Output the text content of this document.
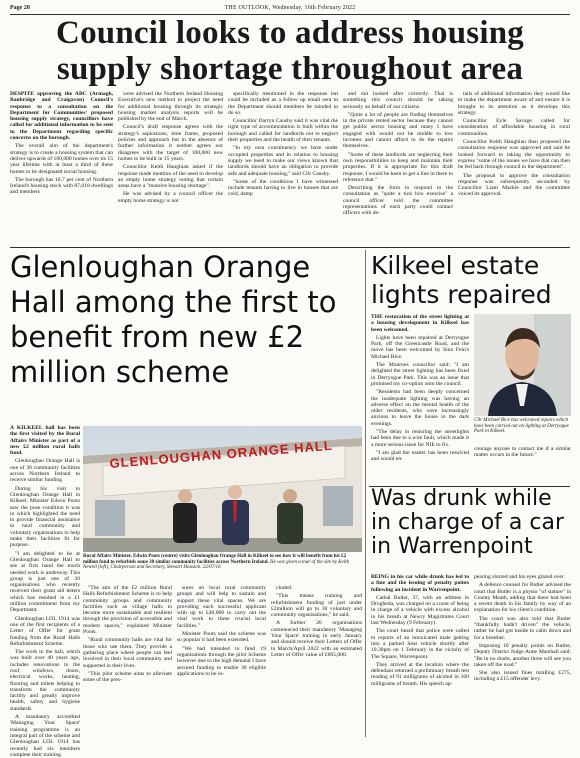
Page 28	THE OUTLOOK, Wednesday, 16th February 2022
Council looks to address housing supply shortage throughout area

DESPITE approving the ABC (Armagh, Banbridge and Craigavon) Council's response to a consultation on the Department for Communities' proposed housing supply strategy, councillors have called for additional information to be sent to the Department regarding specific concerns on the borough.

The overall aim of the department's strategy is to create a housing system that can deliver upwards of 100,000 homes over its 15 year lifetime with at least a third of these homes to be designated social housing.

The borough has 10.7 per cent of Northern Ireland's housing stock with 87,618 dwellings and members

were advised the Northern Ireland Housing Executive's new method to project the need for additional housing through its strategic housing market analysis reports will be published by the end of March.

Council's draft response agrees with the strategy's aspirations, time frame, proposed policies and approach but in the absence of further information it neither agrees nor disagrees with the target of 100,000 new homes to be built in 15 years.

Councillor Keith Haughian asked if the response made mention of the need to develop an empty home strategy noting that certain areas have a "massive housing shortage".

He was advised by a council officer the empty home strategy is not

specifically mentioned in the response but could be included as a follow up email sent to the Department should members be minded to do so.

Councillor Darryn Causby said it was vital the right type of accommodation is built within the borough and called for landlords not to neglect their properties and the health of their tenants.

"In my own constituency we have under occupied properties and in relation to housing supply we need to make our views known that landlords should have an obligation to provide safe and adequate housing," said Cllr Causby.

"Some of the conditions I have witnessed include tenants having to live in houses that are cold, damp

and not looked after correctly. That is something this council should be taking seriously on behalf of our citizens.

"Quite a lot of people are finding themselves in the private rented sector because they cannot get public sector housing and many I have engaged with would not be middle to low incomes and cannot afford to do the repairs themselves.

"Some of these landlords are neglecting their own responsibilities to keep and maintain their properties. If it is appropriate for this draft response, I would be keen to get a line in there to reference that."

Describing the form to respond to the consultation as "quite a tick box exercise" a council officer told the committee representations of each party could contact officers with de-

tails of additional information they would like to make the department aware of and ensure it is brought to its attention as it develops this strategy.

Councillor Eyle Savage called for consideration of affordable housing in rural communities.

Councillor Keith Haughian then proposed the consultation response was approved and said he looked forward to taking the opportunity to express "some of the issues we have that can then be fed back through council to the department".

The proposal to approve the consultation response was subsequently seconded by Councillor Liam Mackle and the committee voiced its approval.

Glenloughan Orange Hall among the first to benefit from new £2 million scheme

A KILKEEL hall has been the first visited by the Rural Affairs Minister as part of a new £2 million rural halls fund.

Glenloughan Orange Hall is one of 30 community facilities across Northern Ireland to receive similar funding.

During his visit to Glenloughan Orange Hall in Kilkeel, Minister Edwin Poots saw the pose condition it was in which highlighted the need to provide financial assistance to rural community and voluntary organisations to help make their facilities fit for purpose.

"I am delighted to be at Glenloughan Orange Hall to see at first hand the much needed work is underway. This group is just one of 30 organisations who recently received their grant aid letters which has resulted in a £1 million commitment from my Department.

Glenloughan LOL 1914 was one of the first recipients of a Letter of Offer for grant funding from the Rural Halls Refurbishment Scheme.

The work to the hall, which was built over 40 years ago, includes renovations to the roof, windows, doors, electrical works, heating, flooring and toilets helping to transform the community facility and greatly improve health, safety and hygiene standards.

A mandatory accredited 'Managing Your Space' training programme is an integral part of the scheme and Glenloughan LOL 1914 has recently had six members complete their training.

GLENLOUGHAN ORANGE HALL
Rural Affairs Minister, Edwin Poots (centre) visits Glenloughan Orange Hall in Kilkeel to see how it will benefit from his £2 million fund to refurbish some 30 similar community facilities across Northern Ireland. He was given a tour of the site by Keith Newell (left), Chairperson and Secretary, Stewart Houston. 22/07/16

"The aim of the £2 million Rural Halls Refurbishment Scheme is to help community groups and community facilities such as village halls to become more sustainable and resilient through the provision of accessible and modern spaces," explained Minister Poots.

"Rural community halls are vital for those who use them. They provide a gathering place where people can feel involved in their local community and supported in their lives.

"This pilot scheme aims to alleviate some of the pres-

sures on local rural community groups and will help to sustain and support these vital spaces. We are providing each successful applicant with up to £40,000 to carry out the vital work to these crucial local facilities."

Minister Poots said the scheme was so popular it had been extended.

"We had intended to fund 19 organisations through the pilot Scheme however due to the high demand I have secured funding to enable 30 eligible applications to be in-

cluded.

"This means training and refurbishment funding of just under £2million will go to 30 voluntary and community organisations," he said.

A further 20 organisations commenced their mandatory 'Managing Your Space' training in early January and should receive their Letters of Offer in March/April 2022 with an estimated Letter of Offer value of £665,000.

Kilkeel estate lights repaired

THE restoration of the street lighting at a housing development in Kilkeel has been welcomed.

Lights have been repaired at Derryogue Park, off the Greencastle Road, and the move has been welcomed by Sinn Fein's Michael Rice.

The Mournes councillor said: "I am delighted the street lighting has been fixed in Derryogue Park. This was an issue that promised my co-option onto the council.

"Residents had been deeply concerned the inadequate lighting was having an adverse effect on the mental health of the older residents, who were increasingly anxious to leave the house in the dark evenings.

"The delay in restoring the streetlights had been due to a wire fault, which made it a more serious issue for NIE to fix.

"I am glad the matter has been resolved and would en-

Cllr Michael Rice has welcomed repairs which have been carried out on lighting at Derryogue Park in Kilkeel.

courage anyone to contact me if a similar matter occurs in the future."

Was drunk while in charge of a car in Warrenpoint

BEING in his car while drunk has led to a fine and the issuing of penalty points following an incident in Warrenpoint.

Cathal Butler, 37, with an address in Drogheda, was charged on a count of being in charge of a vehicle with excess alcohol in his breath at Newry Magistrates Court last Wednesday (9 February).

The court heard that police were called to reports of an intoxicated male getting into a parked Seat vehicle shortly after 10.30pm on 1 February in the vicinity of The Square, Warrenpoint.

They arrived at the location where the defendant returned a preliminary breath test reading of 91 milligrams of alcohol in 100 milligrams of breath. His speech ap-

pearing slurred and his eyes glazed over.

A defence counsel for Butler advised the court that Butler is a physio "of stature" in County Meath, adding that there had been a recent death in his family by way of an explanation for his client's condition.

The court was also told that Butler "thankfully hadn't driven" the vehicle, rather he had got inside to calm down and for a breather.

Imposing 10 penalty points on Butler, Deputy District Judge Anne Marshall said: "Be in no doubt, another three will see you taken off the road."

She also issued fines totalling £275, including a £15 offender levy.
